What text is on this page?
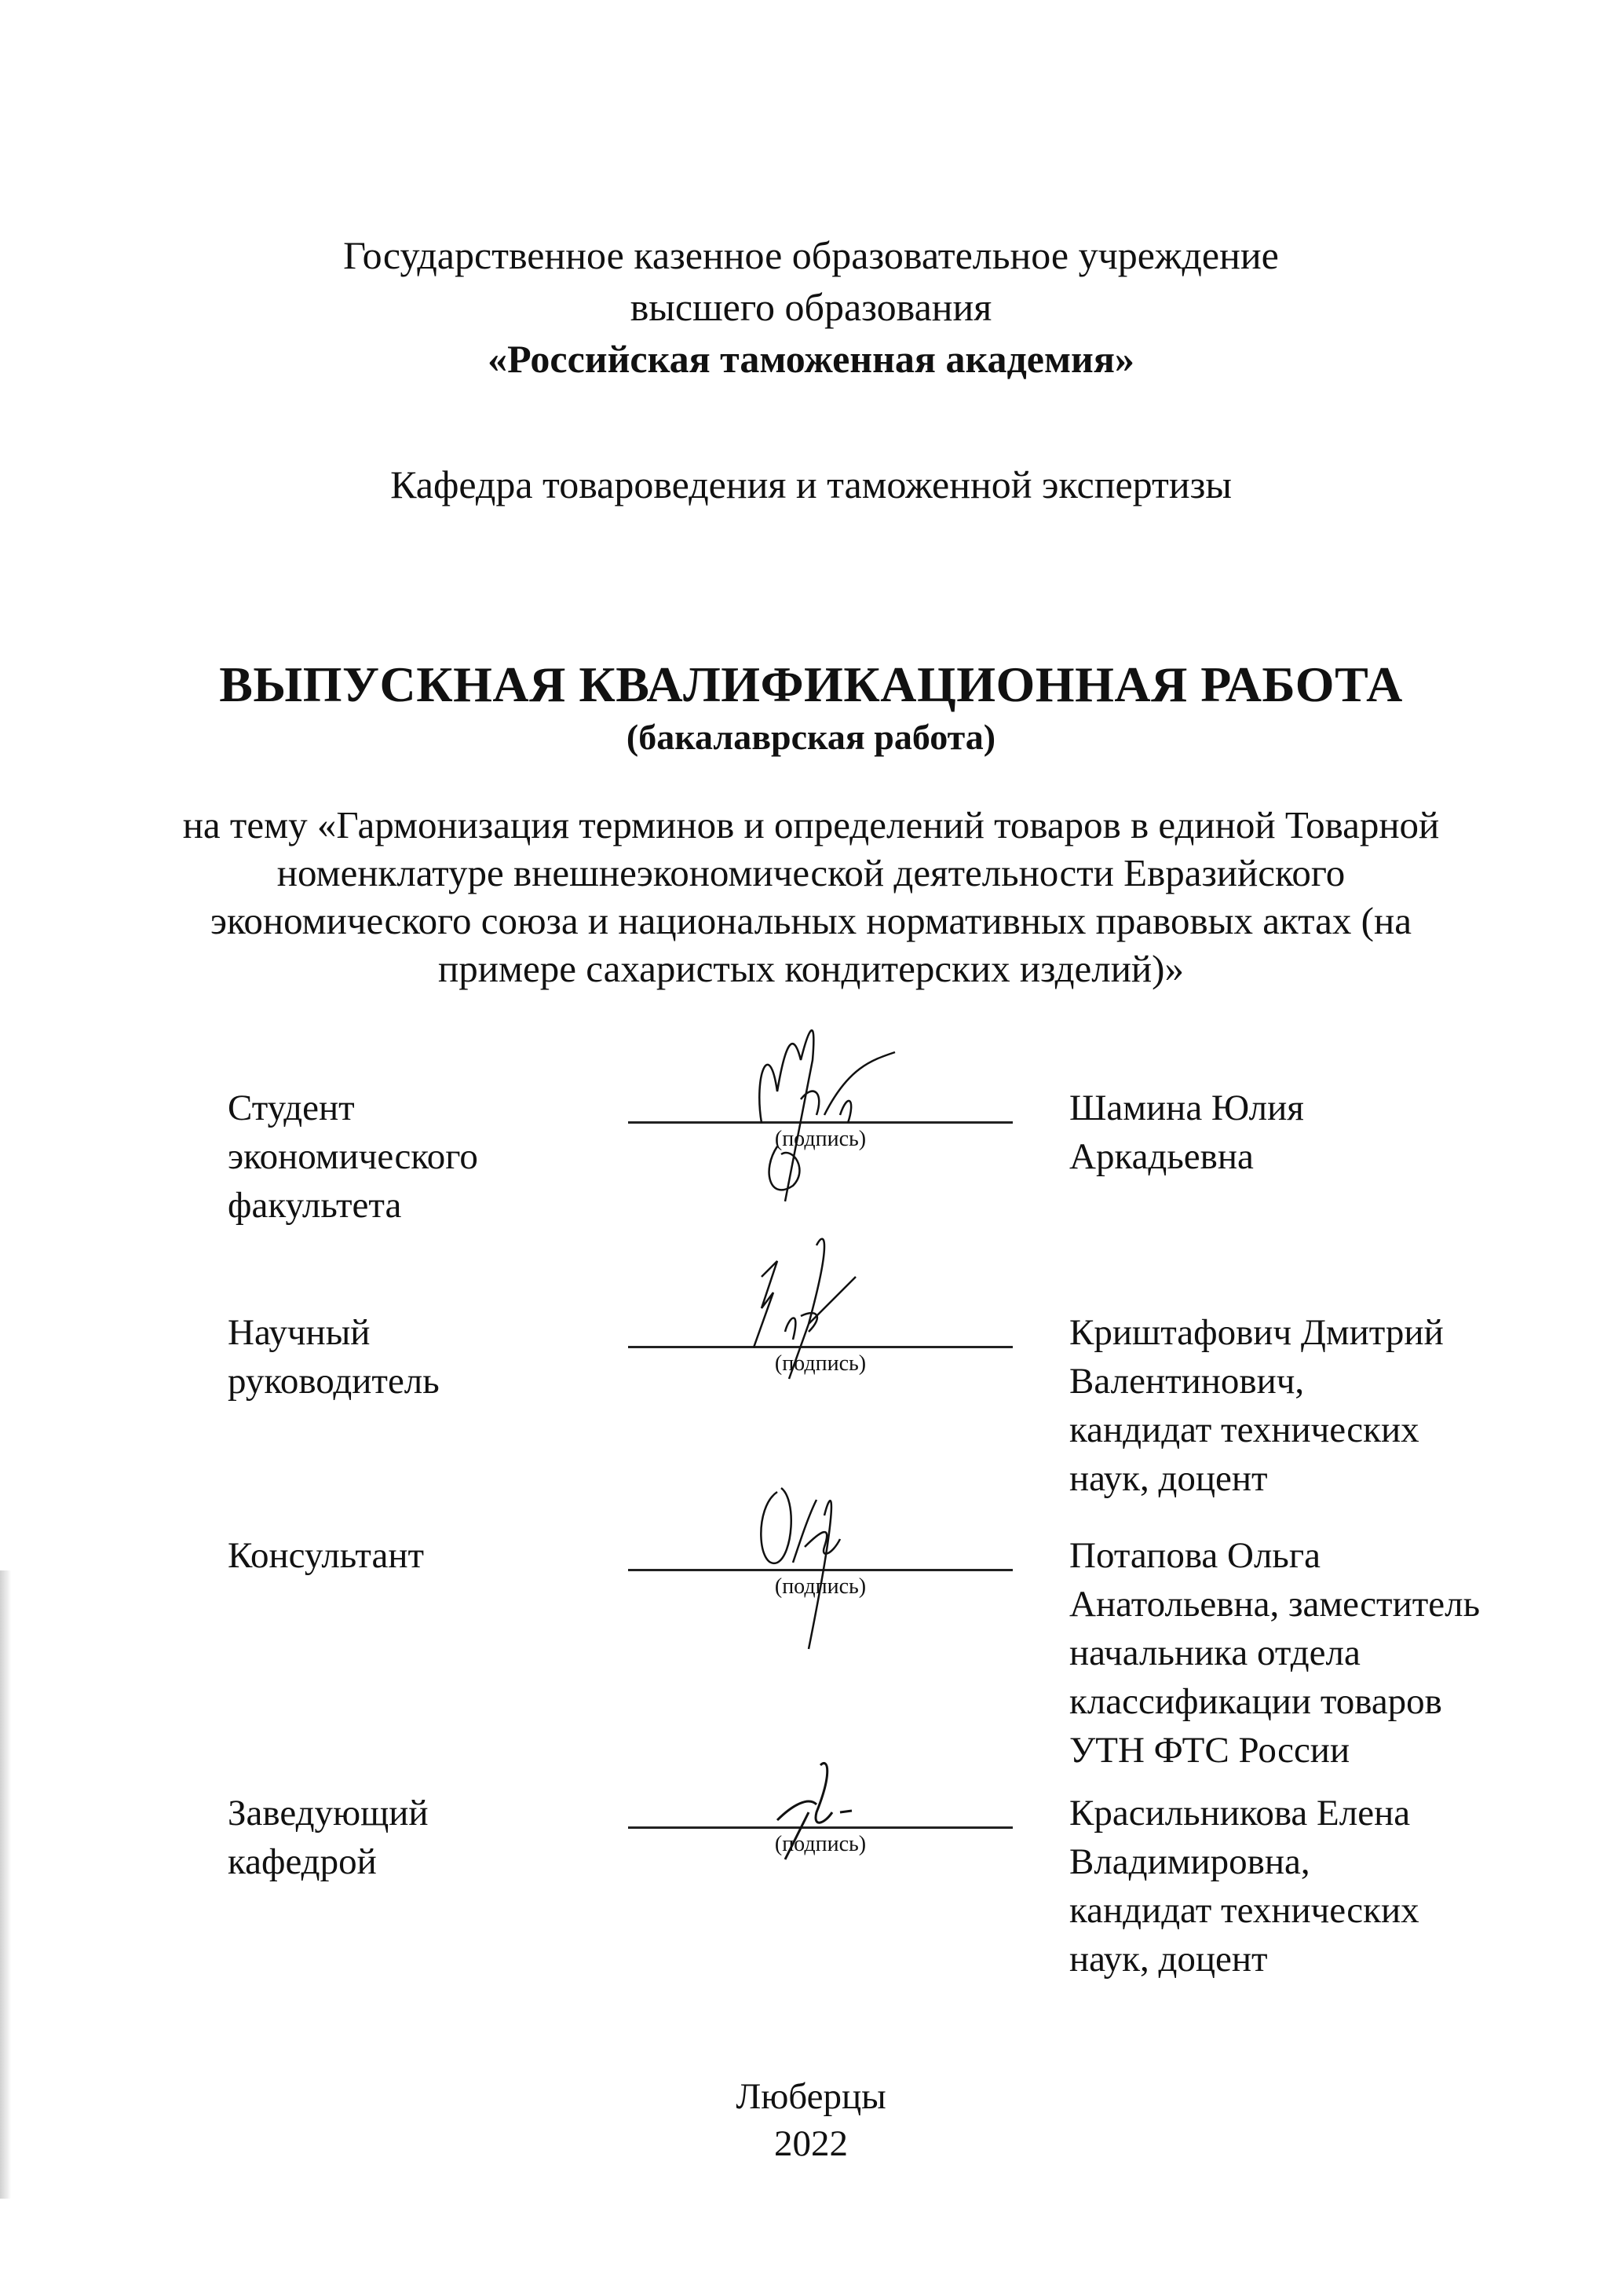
Государственное казенное образовательное учреждение
высшего образования
«Российская таможенная академия»
Кафедра товароведения и таможенной экспертизы
ВЫПУСКНАЯ КВАЛИФИКАЦИОННАЯ РАБОТА
(бакалаврская работа)
на тему «Гармонизация терминов и определений товаров в единой Товарной
номенклатуре внешнеэкономической деятельности Евразийского
экономического союза и национальных нормативных правовых актах (на
примере сахаристых кондитерских изделий)»
Студент
экономического
факультета
(подпись)
Шамина Юлия
Аркадьевна
Научный
руководитель	(подпись)
Криштафович Дмитрий
Валентинович,
кандидат технических
наук, доцент
Консультант
(подпись)
Потапова Ольга
Анатольевна, заместитель
начальника отдела
классификации товаров
УТН ФТС России
Заведующий
кафедрой	(подпись)
Красильникова Елена
Владимировна,
кандидат технических
наук, доцент
Люберцы
2022
